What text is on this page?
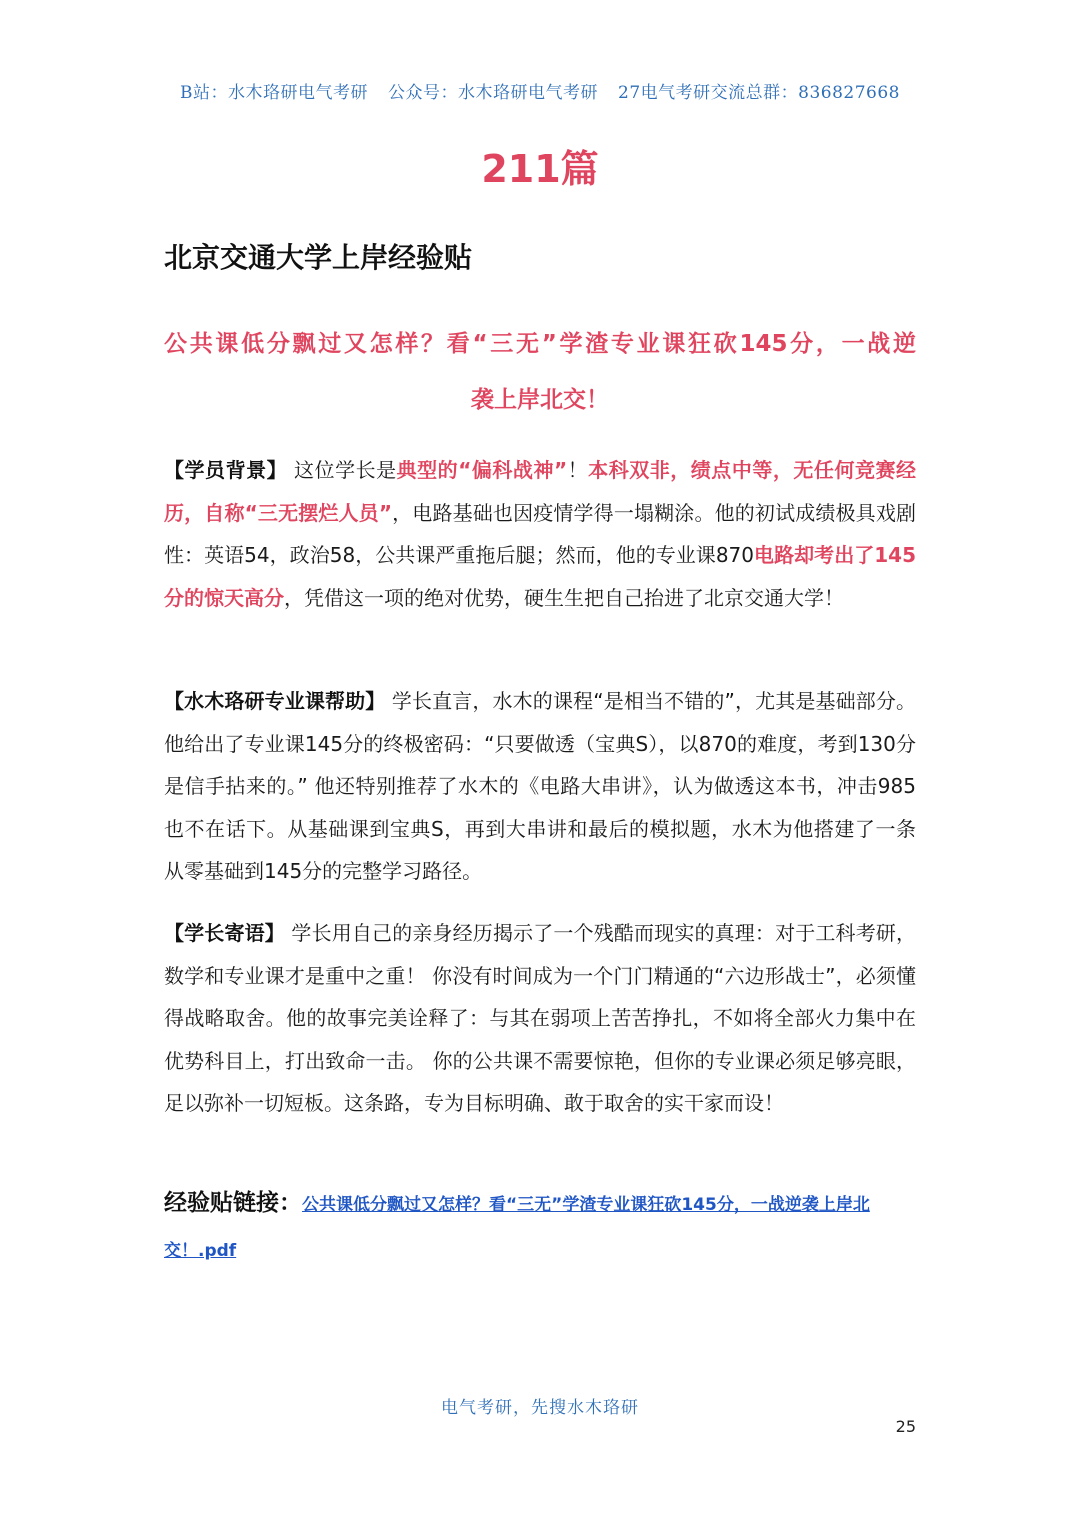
B站：水木珞研电气考研 公众号：水木珞研电气考研 27电气考研交流总群：836827668
211篇
北京交通大学上岸经验贴
公共课低分飘过又怎样？看“三无”学渣专业课狂砍145分，一战逆
袭上岸北交！
【学员背景】 这位学长是典型的“偏科战神”！本科双非，绩点中等，无任何竞赛经历，自称“三无摆烂人员”，电路基础也因疫情学得一塌糊涂。他的初试成绩极具戏剧性：英语54，政治58，公共课严重拖后腿；然而，他的专业课870电路却考出了145分的惊天高分，凭借这一项的绝对优势，硬生生把自己抬进了北京交通大学！
【水木珞研专业课帮助】 学长直言，水木的课程“是相当不错的”，尤其是基础部分。他给出了专业课145分的终极密码：“只要做透（宝典S），以870的难度，考到130分是信手拈来的。” 他还特别推荐了水木的《电路大串讲》，认为做透这本书，冲击985也不在话下。从基础课到宝典S，再到大串讲和最后的模拟题，水木为他搭建了一条从零基础到145分的完整学习路径。
【学长寄语】 学长用自己的亲身经历揭示了一个残酷而现实的真理：对于工科考研，数学和专业课才是重中之重！ 你没有时间成为一个门门精通的“六边形战士”，必须懂得战略取舍。他的故事完美诠释了：与其在弱项上苦苦挣扎，不如将全部火力集中在优势科目上，打出致命一击。 你的公共课不需要惊艳，但你的专业课必须足够亮眼，足以弥补一切短板。这条路，专为目标明确、敢于取舍的实干家而设！
经验贴链接：公共课低分飘过又怎样？看“三无”学渣专业课狂砍145分，一战逆袭上岸北交！.pdf
电气考研，先搜水木珞研
25
